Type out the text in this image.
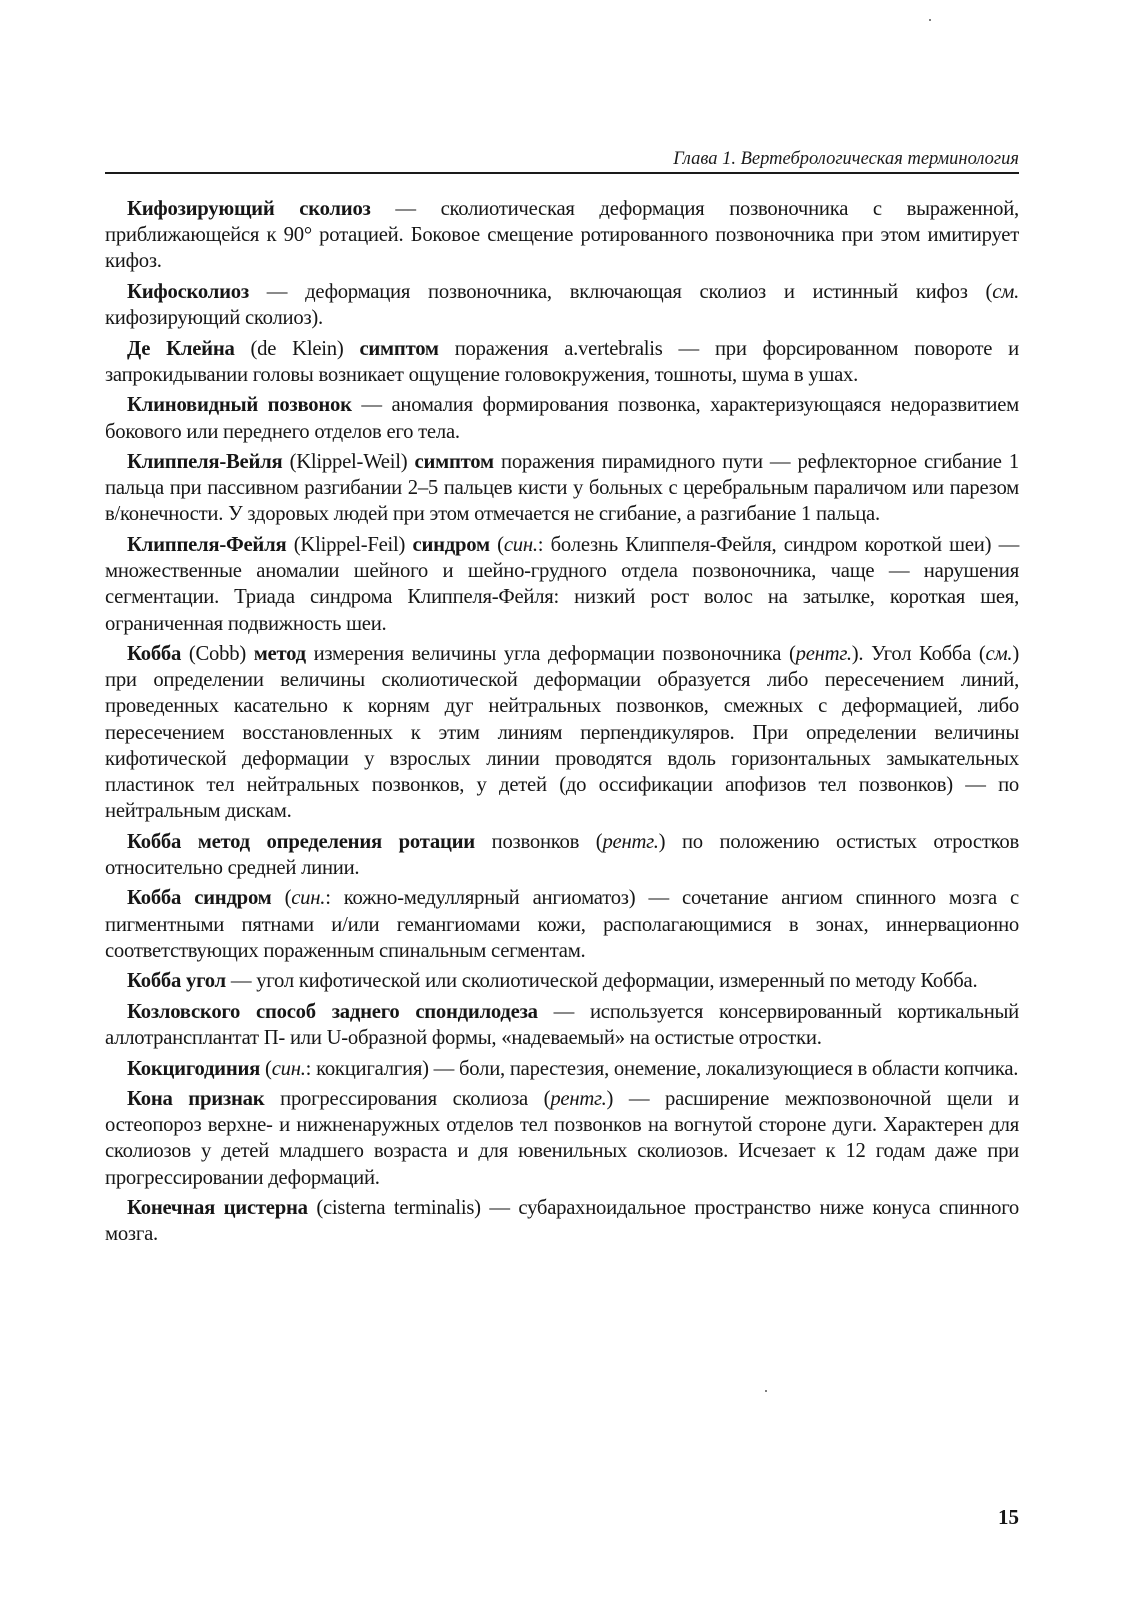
Глава 1. Вертебрологическая терминология

Кифозирующий сколиоз — сколиотическая деформация позвоночника с выраженной, приближающейся к 90° ротацией. Боковое смещение ротированного позвоночника при этом имитирует кифоз.

Кифосколиоз — деформация позвоночника, включающая сколиоз и истинный кифоз (см. кифозирующий сколиоз).

Де Клейна (de Klein) симптом поражения a.vertebralis — при форсированном повороте и запрокидывании головы возникает ощущение головокружения, тошноты, шума в ушах.

Клиновидный позвонок — аномалия формирования позвонка, характеризующаяся недоразвитием бокового или переднего отделов его тела.

Клиппеля-Вейля (Klippel-Weil) симптом поражения пирамидного пути — рефлекторное сгибание 1 пальца при пассивном разгибании 2–5 пальцев кисти у больных с церебральным параличом или парезом в/конечности. У здоровых людей при этом отмечается не сгибание, а разгибание 1 пальца.

Клиппеля-Фейля (Klippel-Feil) синдром (син.: болезнь Клиппеля-Фейля, синдром короткой шеи) — множественные аномалии шейного и шейно-грудного отдела позвоночника, чаще — нарушения сегментации. Триада синдрома Клиппеля-Фейля: низкий рост волос на затылке, короткая шея, ограниченная подвижность шеи.

Кобба (Cobb) метод измерения величины угла деформации позвоночника (рентг.). Угол Кобба (см.) при определении величины сколиотической деформации образуется либо пересечением линий, проведенных касательно к корням дуг нейтральных позвонков, смежных с деформацией, либо пересечением восстановленных к этим линиям перпендикуляров. При определении величины кифотической деформации у взрослых линии проводятся вдоль горизонтальных замыкательных пластинок тел нейтральных позвонков, у детей (до оссификации апофизов тел позвонков) — по нейтральным дискам.

Кобба метод определения ротации позвонков (рентг.) по положению остистых отростков относительно средней линии.

Кобба синдром (син.: кожно-медуллярный ангиоматоз) — сочетание ангиом спинного мозга с пигментными пятнами и/или гемангиомами кожи, располагающимися в зонах, иннервационно соответствующих пораженным спинальным сегментам.

Кобба угол — угол кифотической или сколиотической деформации, измеренный по методу Кобба.

Козловского способ заднего спондилодеза — используется консервированный кортикальный аллотрансплантат П- или U-образной формы, «надеваемый» на остистые отростки.

Кокцигодиния (син.: кокцигалгия) — боли, парестезия, онемение, локализующиеся в области копчика.

Кона признак прогрессирования сколиоза (рентг.) — расширение межпозвоночной щели и остеопороз верхне- и нижненаружных отделов тел позвонков на вогнутой стороне дуги. Характерен для сколиозов у детей младшего возраста и для ювенильных сколиозов. Исчезает к 12 годам даже при прогрессировании деформаций.

Конечная цистерна (cisterna terminalis) — субарахноидальное пространство ниже конуса спинного мозга.

15
